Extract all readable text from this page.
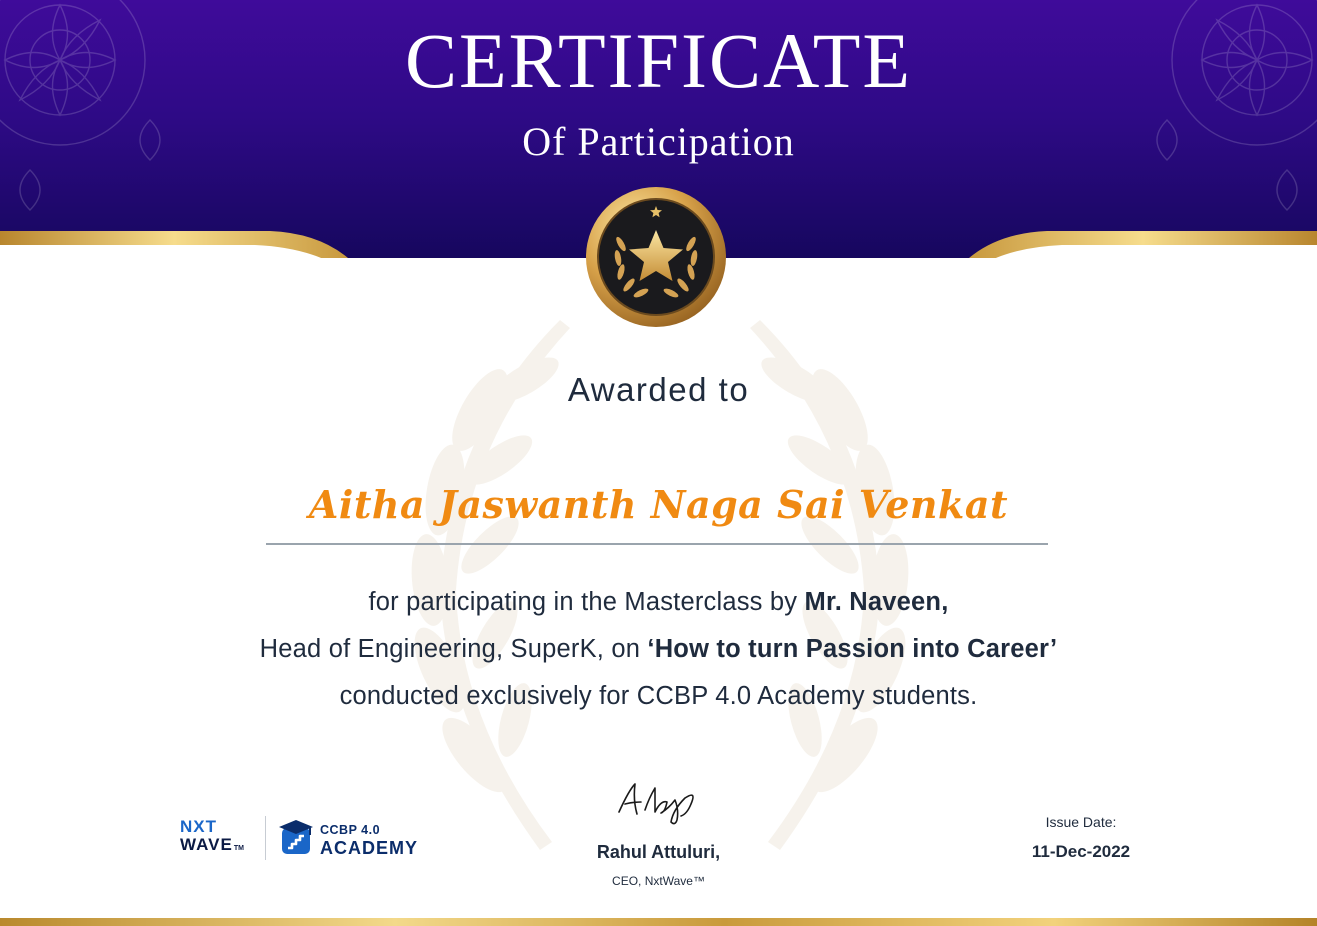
CERTIFICATE
Of Participation
Awarded to
Aitha Jaswanth Naga Sai Venkat
for participating in the Masterclass by Mr. Naveen,
Head of Engineering, SuperK, on ‘How to turn Passion into Career’
conducted exclusively for CCBP 4.0 Academy students.
NXT
WAVETM
CCBP 4.0
ACADEMY	Rahul Attuluri,
CEO, NxtWave™
Issue Date:
11-Dec-2022
